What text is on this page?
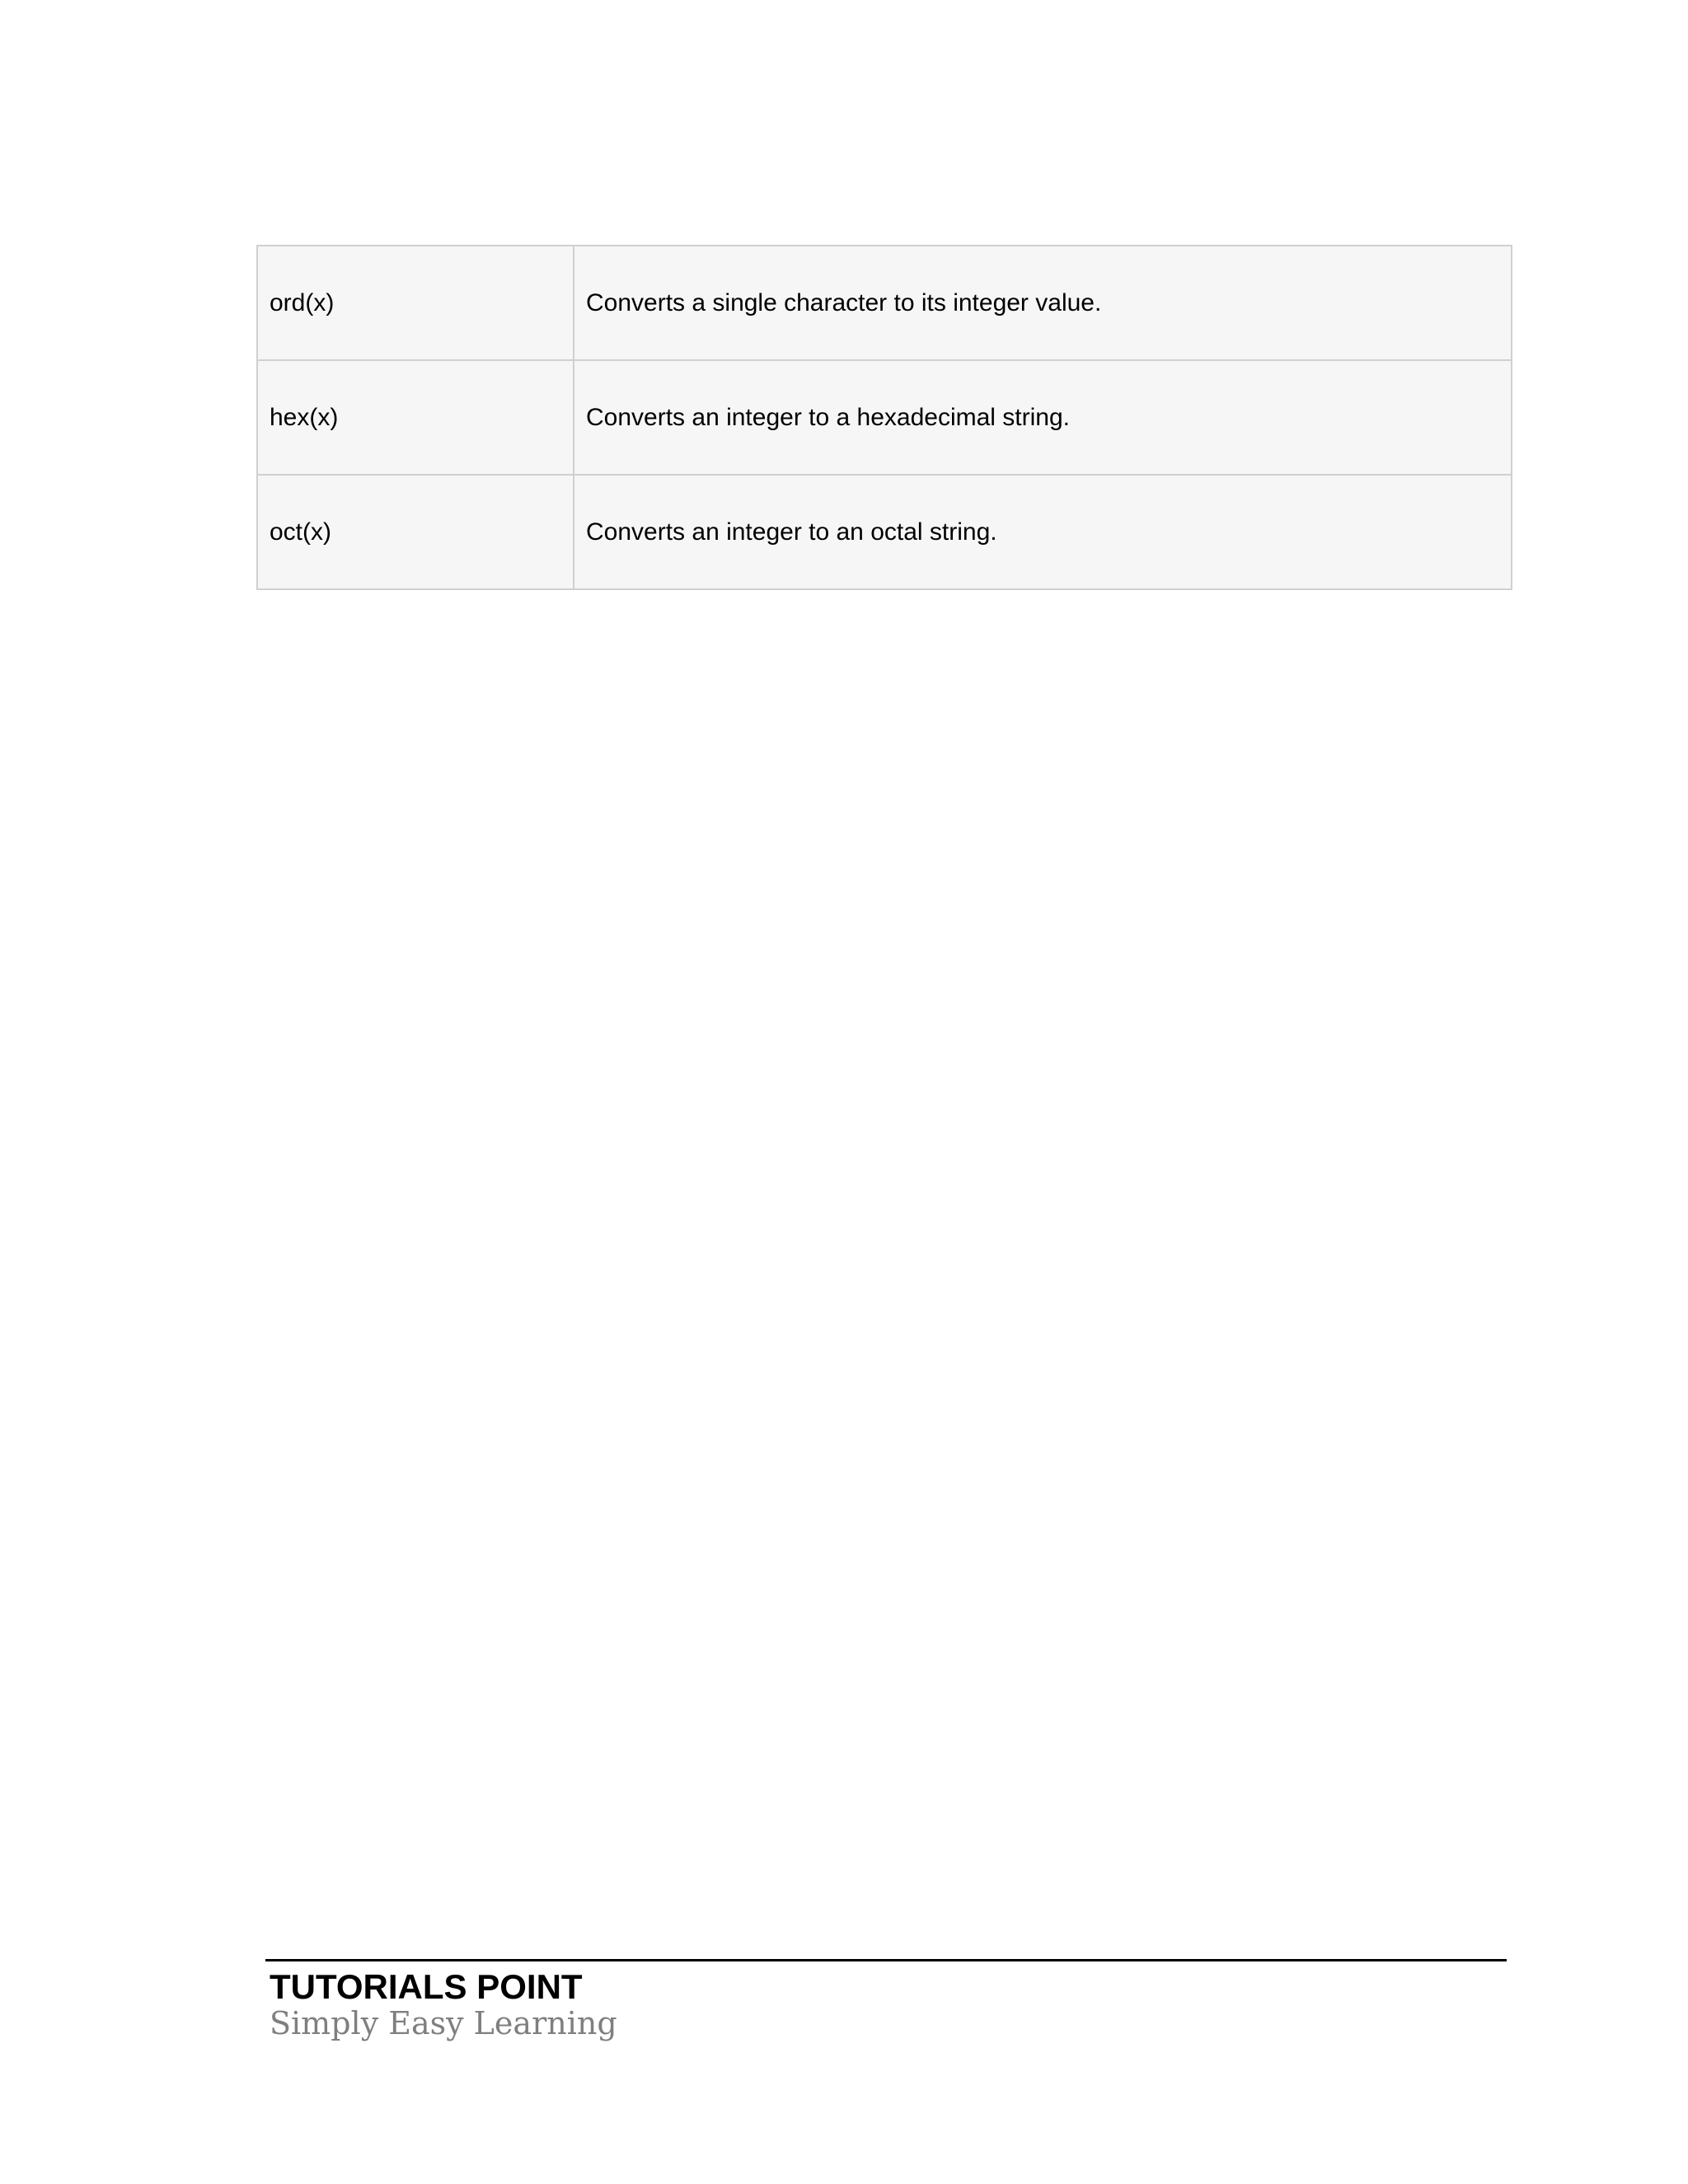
ord(x)	Converts a single character to its integer value.
hex(x)	Converts an integer to a hexadecimal string.
oct(x)	Converts an integer to an octal string.
TUTORIALS POINT
Simply Easy Learning
